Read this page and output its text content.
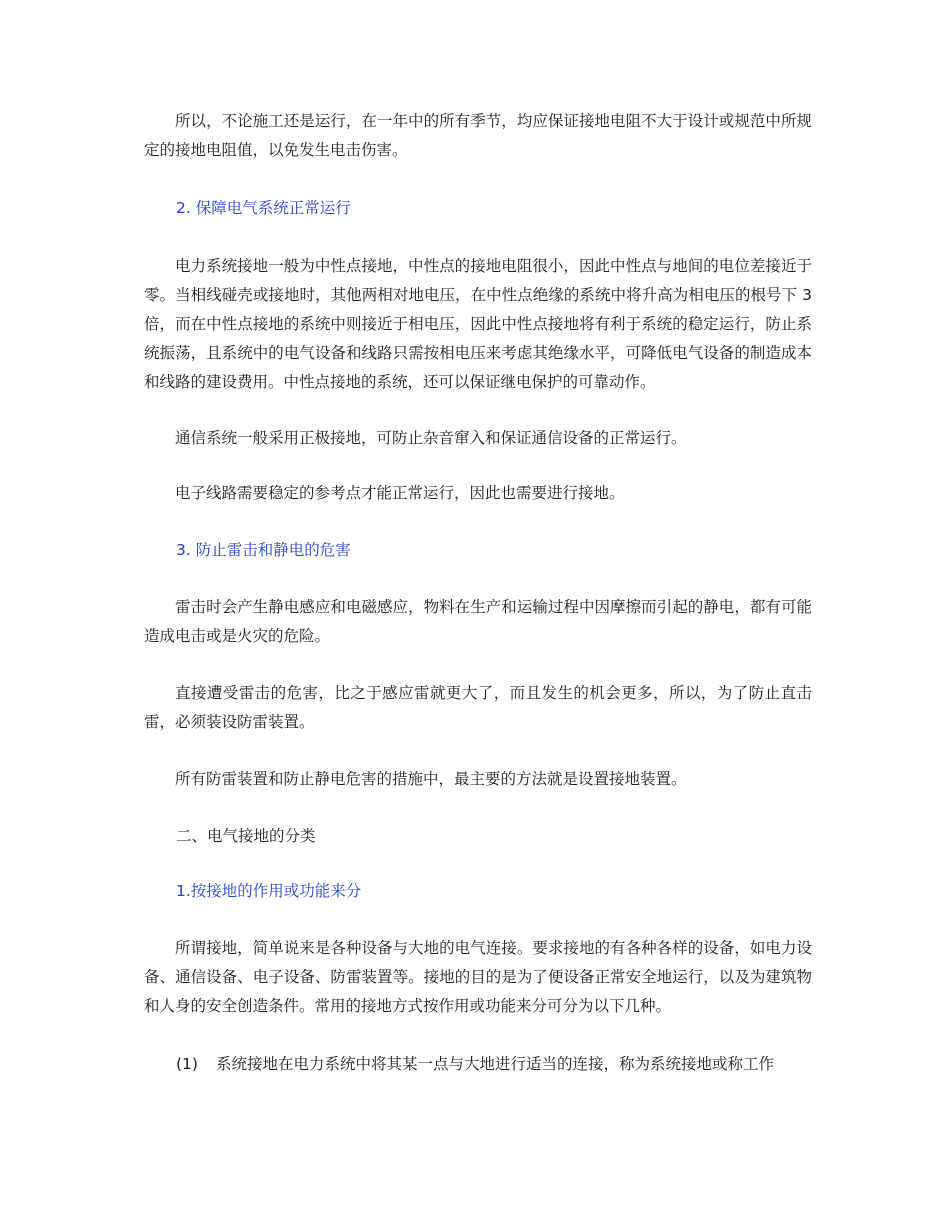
所以，不论施工还是运行，在一年中的所有季节，均应保证接地电阻不大于设计或规范中所规定的接地电阻值，以免发生电击伤害。

2. 保障电气系统正常运行

电力系统接地一般为中性点接地，中性点的接地电阻很小，因此中性点与地间的电位差接近于零。当相线碰壳或接地时，其他两相对地电压，在中性点绝缘的系统中将升高为相电压的根号下 3 倍，而在中性点接地的系统中则接近于相电压，因此中性点接地将有利于系统的稳定运行，防止系统振荡，且系统中的电气设备和线路只需按相电压来考虑其绝缘水平，可降低电气设备的制造成本和线路的建设费用。中性点接地的系统，还可以保证继电保护的可靠动作。

通信系统一般采用正极接地，可防止杂音窜入和保证通信设备的正常运行。

电子线路需要稳定的参考点才能正常运行，因此也需要进行接地。

3. 防止雷击和静电的危害

雷击时会产生静电感应和电磁感应，物料在生产和运输过程中因摩擦而引起的静电，都有可能造成电击或是火灾的危险。

直接遭受雷击的危害，比之于感应雷就更大了，而且发生的机会更多，所以，为了防止直击雷，必须装设防雷装置。

所有防雷装置和防止静电危害的措施中，最主要的方法就是设置接地装置。

二、电气接地的分类

1.按接地的作用或功能来分

所谓接地，简单说来是各种设备与大地的电气连接。要求接地的有各种各样的设备，如电力设备、通信设备、电子设备、防雷装置等。接地的目的是为了便设备正常安全地运行，以及为建筑物和人身的安全创造条件。常用的接地方式按作用或功能来分可分为以下几种。

(1) 系统接地在电力系统中将其某一点与大地进行适当的连接，称为系统接地或称工作
